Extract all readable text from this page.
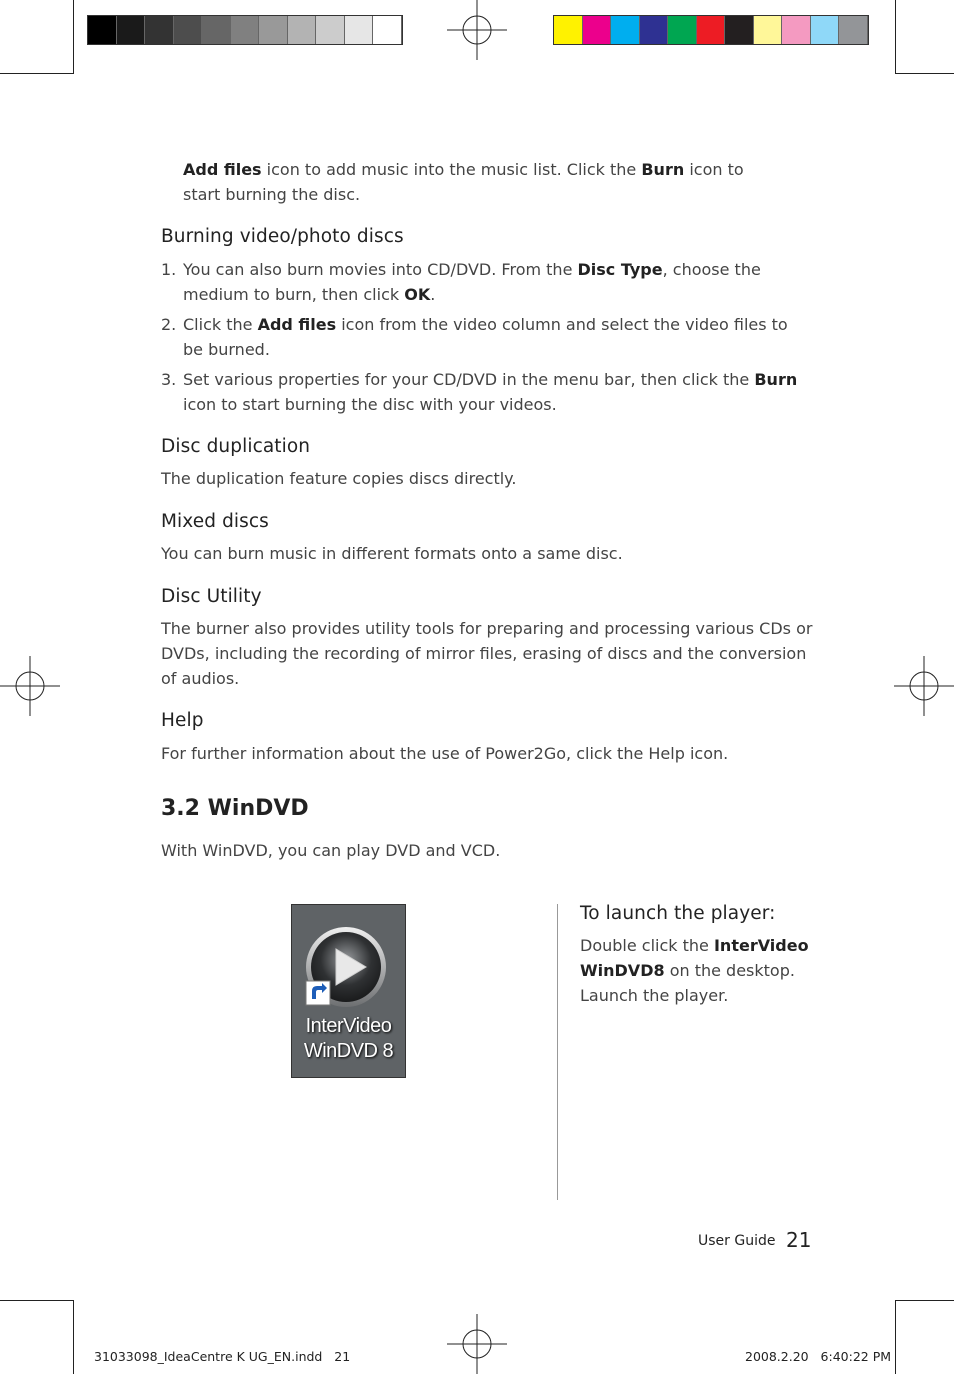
Add files icon to add music into the music list. Click the Burn icon to start burning the disc.
Burning video/photo discs
1. You can also burn movies into CD/DVD. From the Disc Type, choose the medium to burn, then click OK.
2. Click the Add files icon from the video column and select the video files to be burned.
3. Set various properties for your CD/DVD in the menu bar, then click the Burn icon to start burning the disc with your videos.
Disc duplication
The duplication feature copies discs directly.
Mixed discs
You can burn music in different formats onto a same disc.
Disc Utility
The burner also provides utility tools for preparing and processing various CDs or DVDs, including the recording of mirror files, erasing of discs and the conversion of audios.
Help
For further information about the use of Power2Go, click the Help icon.
3.2 WinDVD
With WinDVD, you can play DVD and VCD.
InterVideo
WinDVD 8
To launch the player:
Double click the InterVideo WinDVD8 on the desktop. Launch the player.
User Guide 21
31033098_IdeaCentre K UG_EN.indd   21	2008.2.20   6:40:22 PM
